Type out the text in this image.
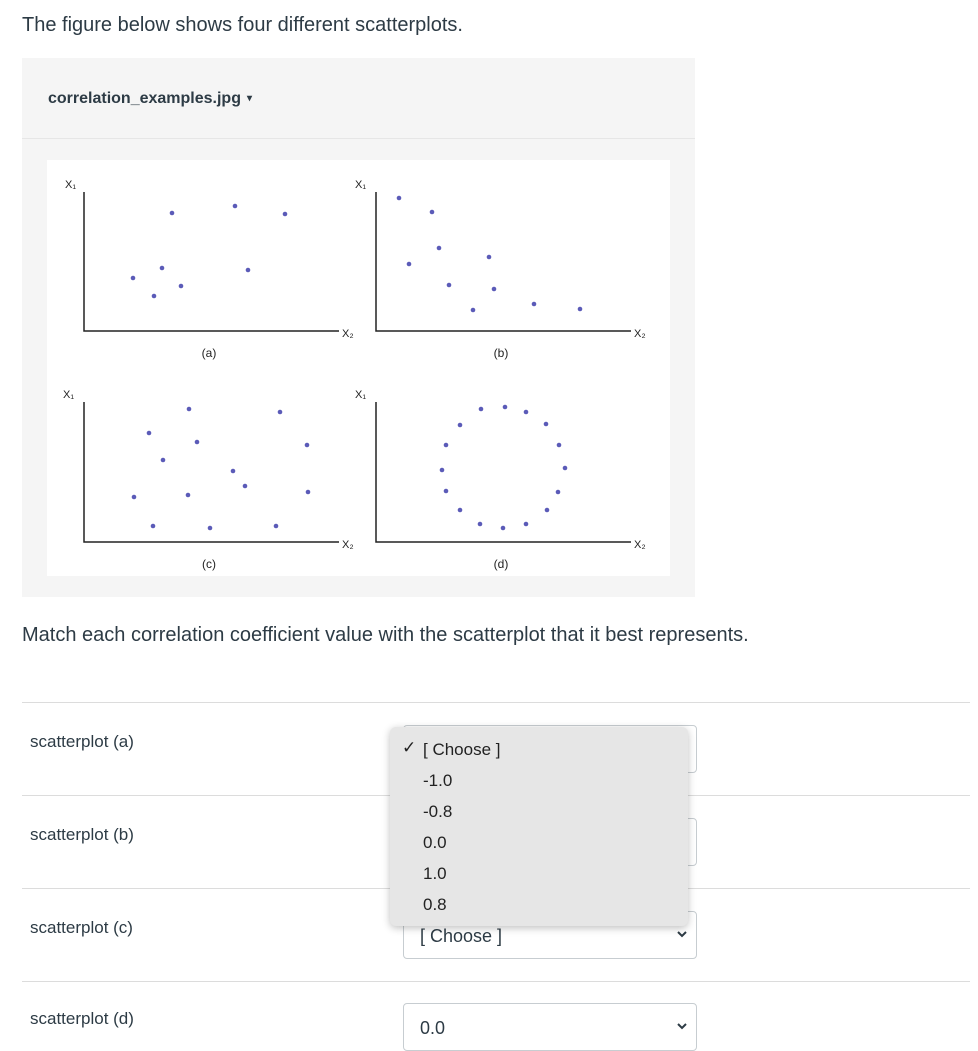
The figure below shows four different scatterplots.
correlation_examples.jpg ▾
X₁
X₂
X₁
X₂
X₁
X₂
X₁
X₂
(a)	(b)
(c)	(d)
Match each correlation coefficient value with the scatterplot that it best represents.
scatterplot (a)
scatterplot (b)
scatterplot (c)
scatterplot (d)
[ Choose ]
0.0
✓ [ Choose ]
-1.0
-0.8
0.0
1.0
0.8
